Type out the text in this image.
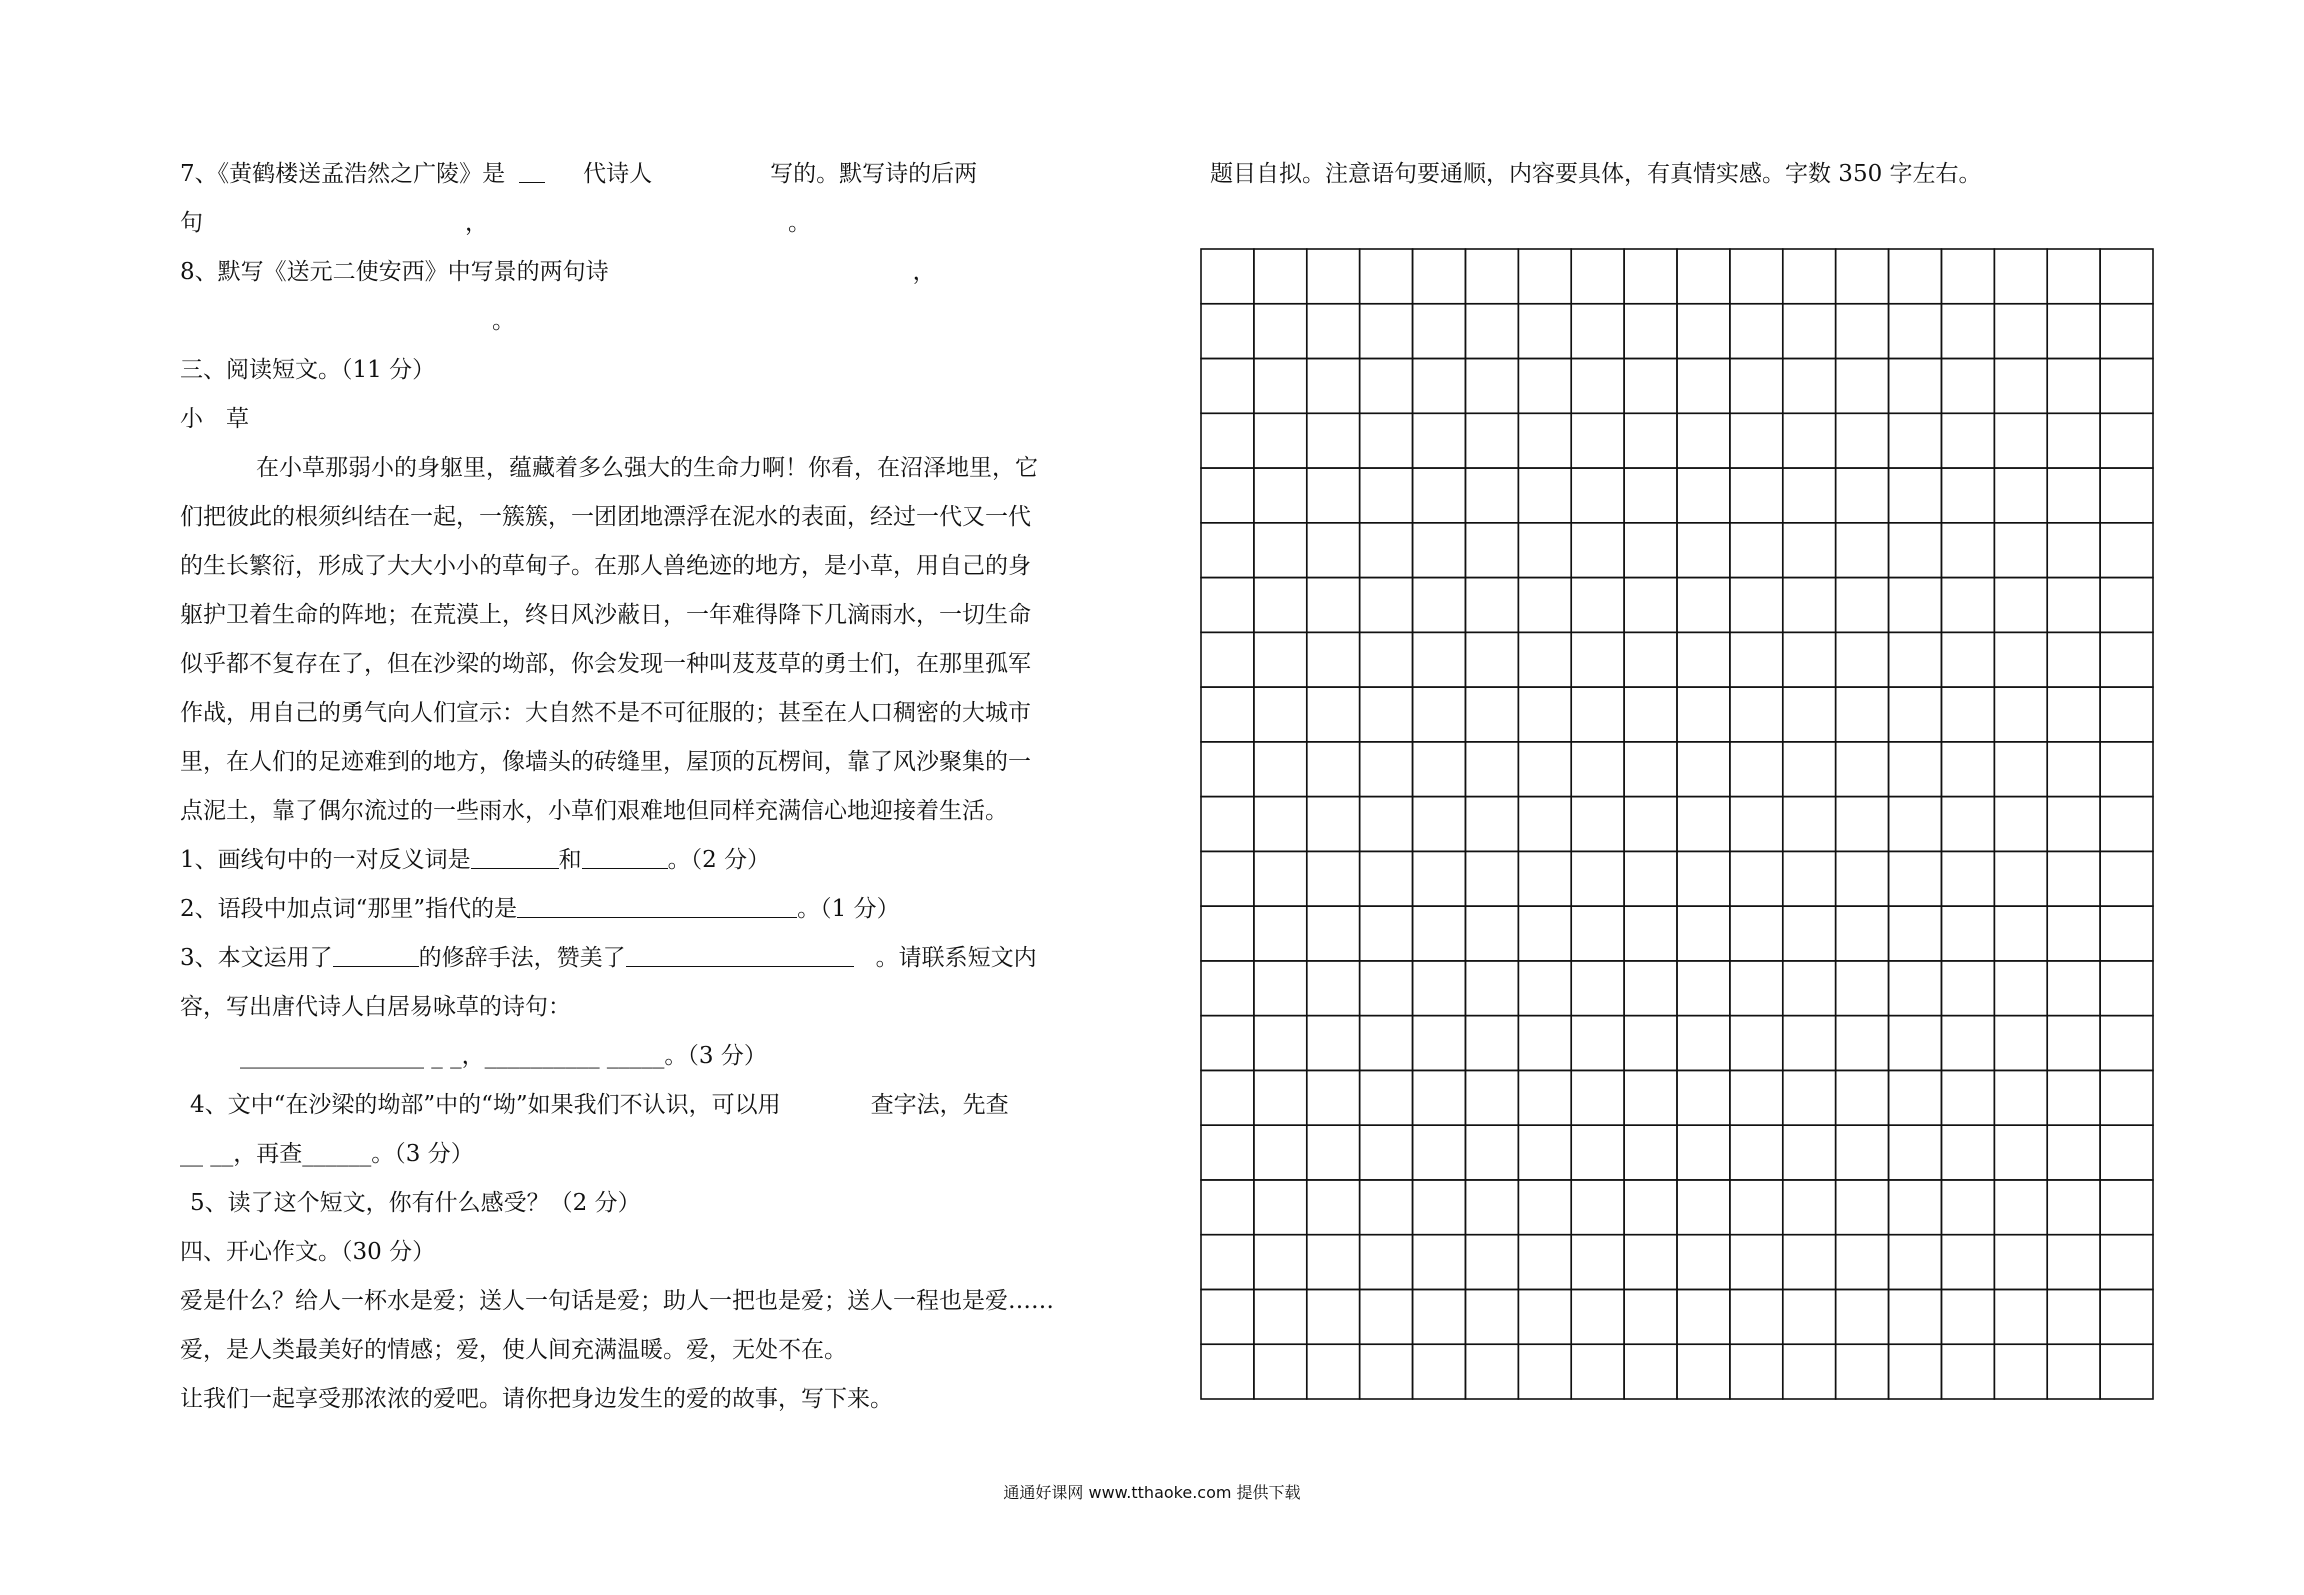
7、《黄鹤楼送孟浩然之广陵》是	代诗人	写的。默写诗的后两
句	，	。
8、默写《送元二使安西》中写景的两句诗	，
。
三、阅读短文。（11 分）
小　草
在小草那弱小的身躯里，蕴藏着多么强大的生命力啊！你看，在沼泽地里，它
们把彼此的根须纠结在一起，一簇簇，一团团地漂浮在泥水的表面，经过一代又一代
的生长繁衍，形成了大大小小的草甸子。在那人兽绝迹的地方，是小草，用自己的身
躯护卫着生命的阵地；在荒漠上，终日风沙蔽日，一年难得降下几滴雨水，一切生命
似乎都不复存在了，但在沙梁的坳部，你会发现一种叫芨芨草的勇士们，在那里孤军
作战，用自己的勇气向人们宣示：大自然不是不可征服的；甚至在人口稠密的大城市
里，在人们的足迹难到的地方，像墙头的砖缝里，屋顶的瓦楞间，靠了风沙聚集的一
点泥土，靠了偶尔流过的一些雨水，小草们艰难地但同样充满信心地迎接着生活。
1、画线句中的一对反义词是	和	。（2 分）
2、语段中加点词“那里”指代的是	。（1 分）
3、本文运用了	的修辞手法，赞美了	。请联系短文内
容，写出唐代诗人白居易咏草的诗句：
________________ _ _，__________ _____。（3 分）
4、文中“在沙梁的坳部”中的“坳”如果我们不认识，可以用	查字法，先查
__ __，再查______。（3 分）
5、读了这个短文，你有什么感受？（2 分）
四、开心作文。（30 分）
爱是什么？给人一杯水是爱；送人一句话是爱；助人一把也是爱；送人一程也是爱……
爱，是人类最美好的情感；爱，使人间充满温暖。爱，无处不在。
让我们一起享受那浓浓的爱吧。请你把身边发生的爱的故事，写下来。
题目自拟。注意语句要通顺，内容要具体，有真情实感。字数 350 字左右。
通通好课网 www.tthaoke.com 提供下载
